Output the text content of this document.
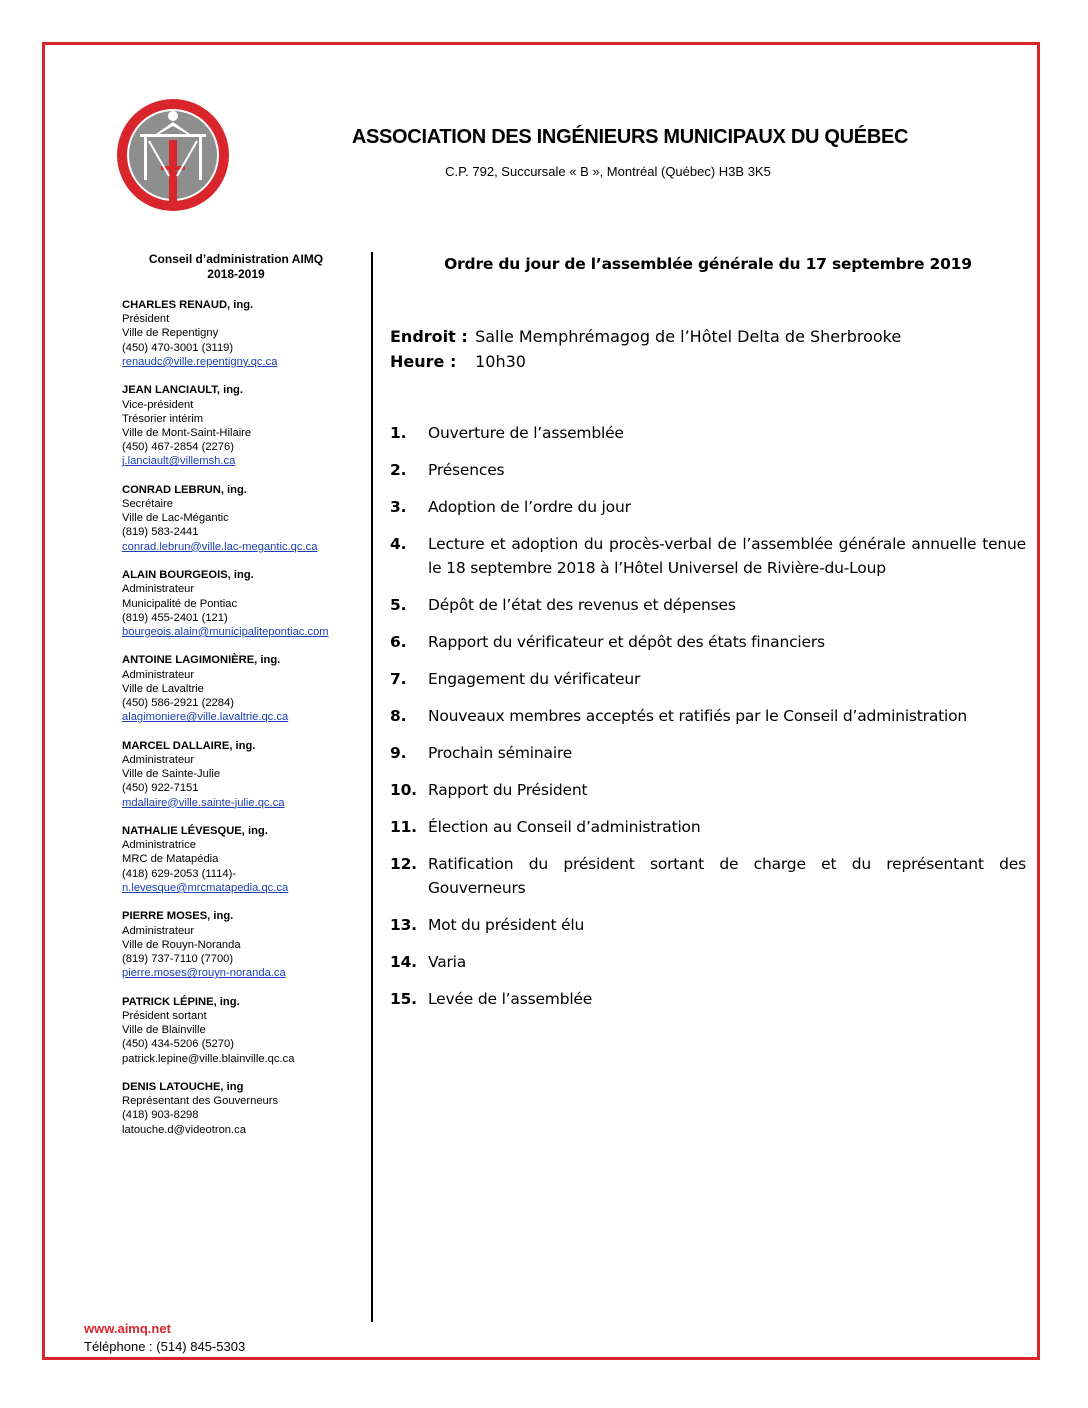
ASSOCIATION DES INGÉNIEURS MUNICIPAUX DU QUÉBEC
C.P. 792, Succursale « B », Montréal (Québec) H3B 3K5
Conseil d’administration AIMQ
2018-2019
CHARLES RENAUD, ing.
Président
Ville de Repentigny
(450) 470-3001 (3119)
renaudc@ville.repentigny.qc.ca
JEAN LANCIAULT, ing.
Vice-président
Trésorier intérim
Ville de Mont-Saint-Hilaire
(450) 467-2854 (2276)
j.lanciault@villemsh.ca
CONRAD LEBRUN, ing.
Secrétaire
Ville de Lac-Mégantic
(819) 583-2441
conrad.lebrun@ville.lac-megantic.qc.ca
ALAIN BOURGEOIS, ing.
Administrateur
Municipalité de Pontiac
(819) 455-2401 (121)
bourgeois.alain@municipalitepontiac.com
ANTOINE LAGIMONIÈRE, ing.
Administrateur
Ville de Lavaltrie
(450) 586-2921 (2284)
alagimoniere@ville.lavaltrie.qc.ca
MARCEL DALLAIRE, ing.
Administrateur
Ville de Sainte-Julie
(450) 922-7151
mdallaire@ville.sainte-julie.qc.ca
NATHALIE LÉVESQUE, ing.
Administratrice
MRC de Matapédia
(418) 629-2053 (1114)-
n.levesque@mrcmatapedia.qc.ca
PIERRE MOSES, ing.
Administrateur
Ville de Rouyn-Noranda
(819) 737-7110 (7700)
pierre.moses@rouyn-noranda.ca
PATRICK LÉPINE, ing.
Président sortant
Ville de Blainville
(450) 434-5206 (5270)
patrick.lepine@ville.blainville.qc.ca
DENIS LATOUCHE, ing
Représentant des Gouverneurs
(418) 903-8298
latouche.d@videotron.ca
Ordre du jour de l’assemblée générale du 17 septembre 2019
Endroit : Salle Memphrémagog de l’Hôtel Delta de Sherbrooke
Heure : 10h30
1.	Ouverture de l’assemblée
2.	Présences
3.	Adoption de l’ordre du jour
4.	Lecture et adoption du procès-verbal de l’assemblée générale annuelle tenue le 18 septembre 2018 à l’Hôtel Universel de Rivière-du-Loup
5.	Dépôt de l’état des revenus et dépenses
6.	Rapport du vérificateur et dépôt des états financiers
7.	Engagement du vérificateur
8.	Nouveaux membres acceptés et ratifiés par le Conseil d’administration
9.	Prochain séminaire
10. Rapport du Président
11. Élection au Conseil d’administration
12. Ratification du président sortant de charge et du représentant des Gouverneurs
13. Mot du président élu
14. Varia
15. Levée de l’assemblée
www.aimq.net
Téléphone : (514) 845-5303
